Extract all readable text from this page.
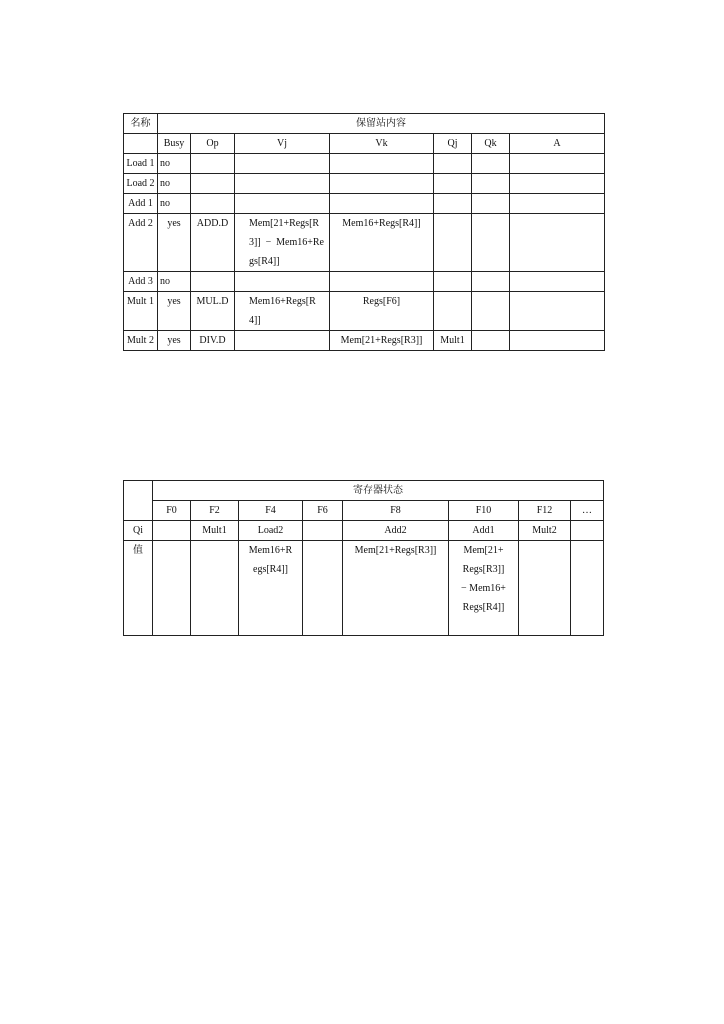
名称	保留站内容						
	Busy	Op	Vj	Vk	Qj	Qk	A
Load 1	no						
Load 2	no						
Add 1	no						
Add 2	yes	ADD.D	Mem[21+Regs[R3]] − Mem16+Regs[R4]]	Mem16+Regs[R4]]			
Add 3	no						
Mult 1	yes	MUL.D	Mem16+Regs[R4]]	Regs[F6]			
Mult 2	yes	DIV.D		Mem[21+Regs[R3]]	Mult1		
	寄存器状态							
	F0	F2	F4	F6	F8	F10	F12	…
Qi		Mult1	Load2		Add2	Add1	Mult2	
值			Mem16+Regs[R4]]		Mem[21+Regs[R3]]	Mem[21+ Regs[R3]] − Mem16+Regs[R4]]		
